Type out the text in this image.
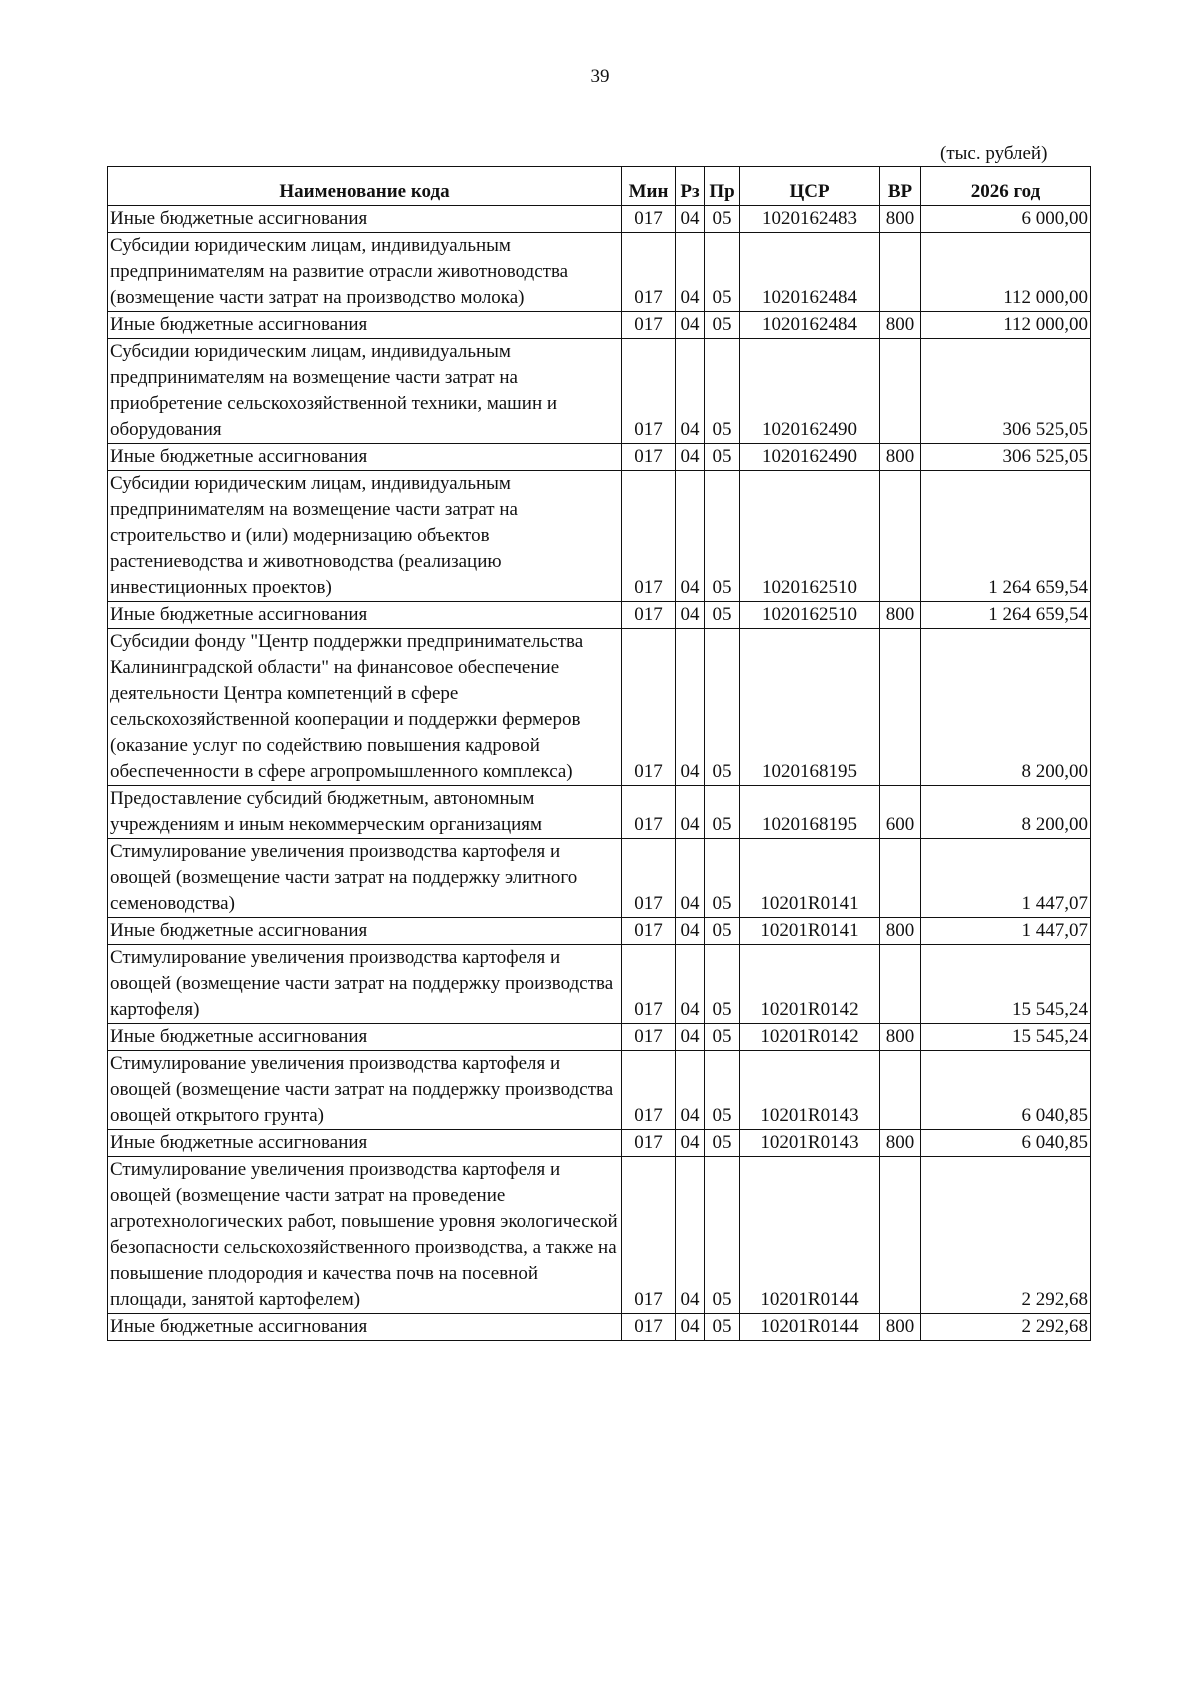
39
(тыс. рублей)
Наименование кода	Мин	Рз	Пр	ЦСР	ВР	2026 год
Иные бюджетные ассигнования	017	04	05	1020162483	800	6 000,00
Субсидии юридическим лицам, индивидуальным предпринимателям на развитие отрасли животноводства (возмещение части затрат на производство молока)	017	04	05	1020162484		112 000,00
Иные бюджетные ассигнования	017	04	05	1020162484	800	112 000,00
Субсидии юридическим лицам, индивидуальным предпринимателям на возмещение части затрат на приобретение сельскохозяйственной техники, машин и оборудования	017	04	05	1020162490		306 525,05
Иные бюджетные ассигнования	017	04	05	1020162490	800	306 525,05
Субсидии юридическим лицам, индивидуальным предпринимателям на возмещение части затрат на строительство и (или) модернизацию объектов растениеводства и животноводства (реализацию инвестиционных проектов)	017	04	05	1020162510		1 264 659,54
Иные бюджетные ассигнования	017	04	05	1020162510	800	1 264 659,54
Субсидии фонду "Центр поддержки предпринимательства Калининградской области" на финансовое обеспечение деятельности Центра компетенций в сфере сельскохозяйственной кооперации и поддержки фермеров (оказание услуг по содействию повышения кадровой обеспеченности в сфере агропромышленного комплекса)	017	04	05	1020168195		8 200,00
Предоставление субсидий бюджетным, автономным учреждениям и иным некоммерческим организациям	017	04	05	1020168195	600	8 200,00
Стимулирование увеличения производства картофеля и овощей (возмещение части затрат на поддержку элитного семеноводства)	017	04	05	10201R0141		1 447,07
Иные бюджетные ассигнования	017	04	05	10201R0141	800	1 447,07
Стимулирование увеличения производства картофеля и овощей (возмещение части затрат на поддержку производства картофеля)	017	04	05	10201R0142		15 545,24
Иные бюджетные ассигнования	017	04	05	10201R0142	800	15 545,24
Стимулирование увеличения производства картофеля и овощей (возмещение части затрат на поддержку производства овощей открытого грунта)	017	04	05	10201R0143		6 040,85
Иные бюджетные ассигнования	017	04	05	10201R0143	800	6 040,85
Стимулирование увеличения производства картофеля и овощей (возмещение части затрат на проведение агротехнологических работ, повышение уровня экологической безопасности сельскохозяйственного производства, а также на повышение плодородия и качества почв на посевной площади, занятой картофелем)	017	04	05	10201R0144		2 292,68
Иные бюджетные ассигнования	017	04	05	10201R0144	800	2 292,68
